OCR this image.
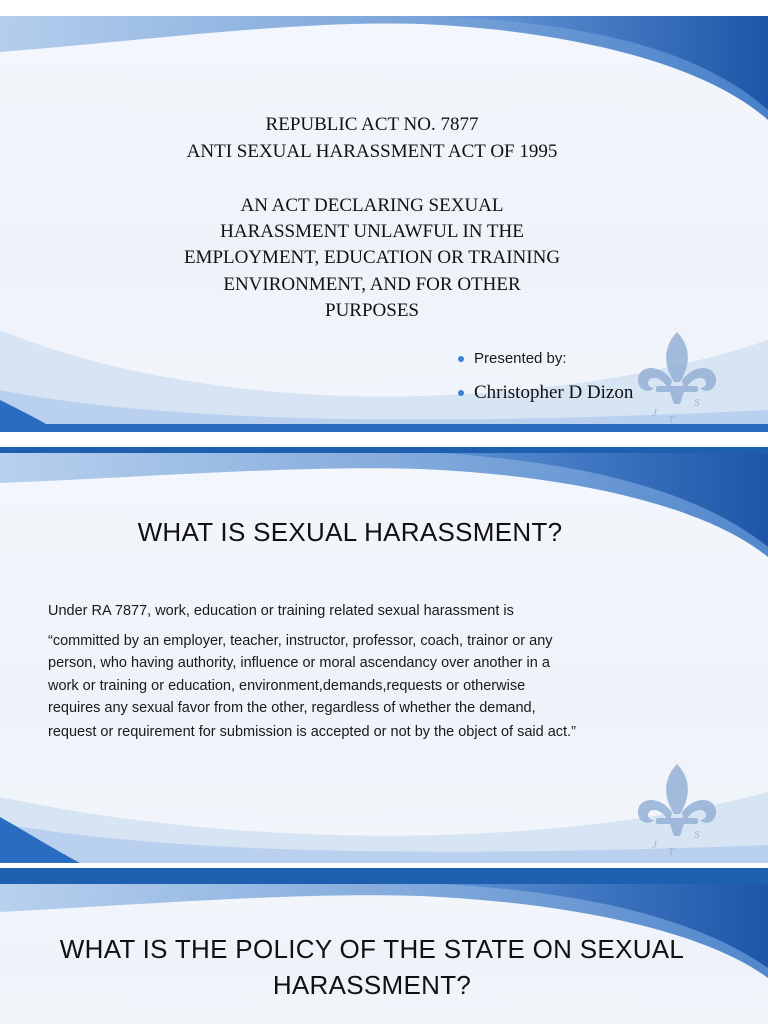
REPUBLIC ACT NO. 7877

ANTI SEXUAL HARASSMENT ACT OF 1995

AN ACT DECLARING SEXUAL

HARASSMENT UNLAWFUL IN THE

EMPLOYMENT, EDUCATION OR TRAINING

ENVIRONMENT, AND FOR OTHER

PURPOSES

Presented by:
Christopher D Dizon
J
S
T

WHAT IS SEXUAL HARASSMENT?

Under RA 7877, work, education or training related sexual harassment is

“committed by an employer, teacher, instructor, professor, coach, trainor or any

person, who having authority, influence or moral ascendancy over another in a

work or training or education, environment,demands,requests or otherwise

requires any sexual favor from the other, regardless of whether the demand,

request or requirement for submission is accepted or not by the object of said act.”

J
S
T

WHAT IS THE POLICY OF THE STATE ON SEXUAL

HARASSMENT?
